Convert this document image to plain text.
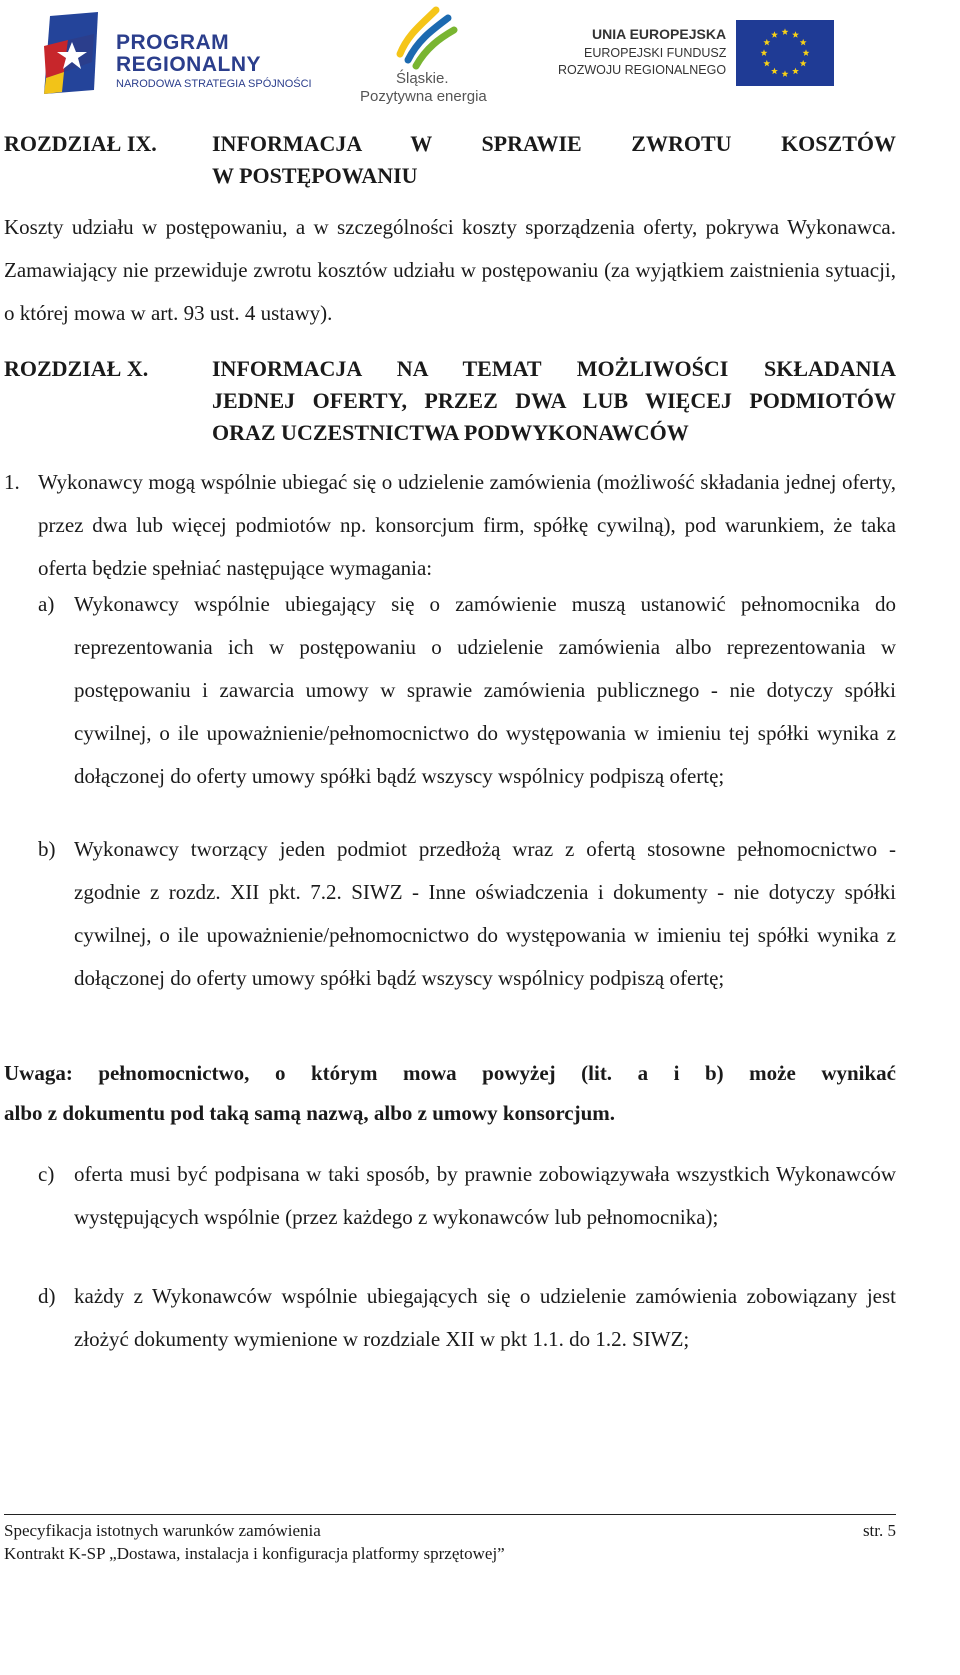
PROGRAM
REGIONALNY
NARODOWA STRATEGIA SPÓJNOŚCI	Śląskie.
Pozytywna energia
UNIA EUROPEJSKA
EUROPEJSKI FUNDUSZ
ROZWOJU REGIONALNEGO
ROZDZIAŁ IX.	INFORMACJA W SPRAWIE ZWROTU KOSZTÓW
W POSTĘPOWANIU
Koszty udziału w postępowaniu, a w szczególności koszty sporządzenia oferty, pokrywa Wykonawca. Zamawiający nie przewiduje zwrotu kosztów udziału w postępowaniu (za wyjątkiem zaistnienia sytuacji, o której mowa w art. 93 ust. 4 ustawy).
ROZDZIAŁ X.	INFORMACJA NA TEMAT MOŻLIWOŚCI SKŁADANIA
JEDNEJ OFERTY, PRZEZ DWA LUB WIĘCEJ PODMIOTÓW
ORAZ UCZESTNICTWA PODWYKONAWCÓW
1. Wykonawcy mogą wspólnie ubiegać się o udzielenie zamówienia (możliwość składania jednej oferty, przez dwa lub więcej podmiotów np. konsorcjum firm, spółkę cywilną), pod warunkiem, że taka oferta będzie spełniać następujące wymagania:
a) Wykonawcy wspólnie ubiegający się o zamówienie muszą ustanowić pełnomocnika do reprezentowania ich w postępowaniu o udzielenie zamówienia albo reprezentowania w postępowaniu i zawarcia umowy w sprawie zamówienia publicznego - nie dotyczy spółki cywilnej, o ile upoważnienie/pełnomocnictwo do występowania w imieniu tej spółki wynika z dołączonej do oferty umowy spółki bądź wszyscy wspólnicy podpiszą ofertę;
b) Wykonawcy tworzący jeden podmiot przedłożą wraz z ofertą stosowne pełnomocnictwo - zgodnie z rozdz. XII pkt. 7.2. SIWZ - Inne oświadczenia i dokumenty - nie dotyczy spółki cywilnej, o ile upoważnienie/pełnomocnictwo do występowania w imieniu tej spółki wynika z dołączonej do oferty umowy spółki bądź wszyscy wspólnicy podpiszą ofertę;
Uwaga: pełnomocnictwo, o którym mowa powyżej (lit. a i b) może wynikać
albo z dokumentu pod taką samą nazwą, albo z umowy konsorcjum.
c) oferta musi być podpisana w taki sposób, by prawnie zobowiązywała wszystkich Wykonawców występujących wspólnie (przez każdego z wykonawców lub pełnomocnika);
d) każdy z Wykonawców wspólnie ubiegających się o udzielenie zamówienia zobowiązany jest złożyć dokumenty wymienione w rozdziale XII w pkt 1.1. do 1.2. SIWZ;
Specyfikacja istotnych warunków zamówienia	str. 5
Kontrakt K-SP „Dostawa, instalacja i konfiguracja platformy sprzętowej”
